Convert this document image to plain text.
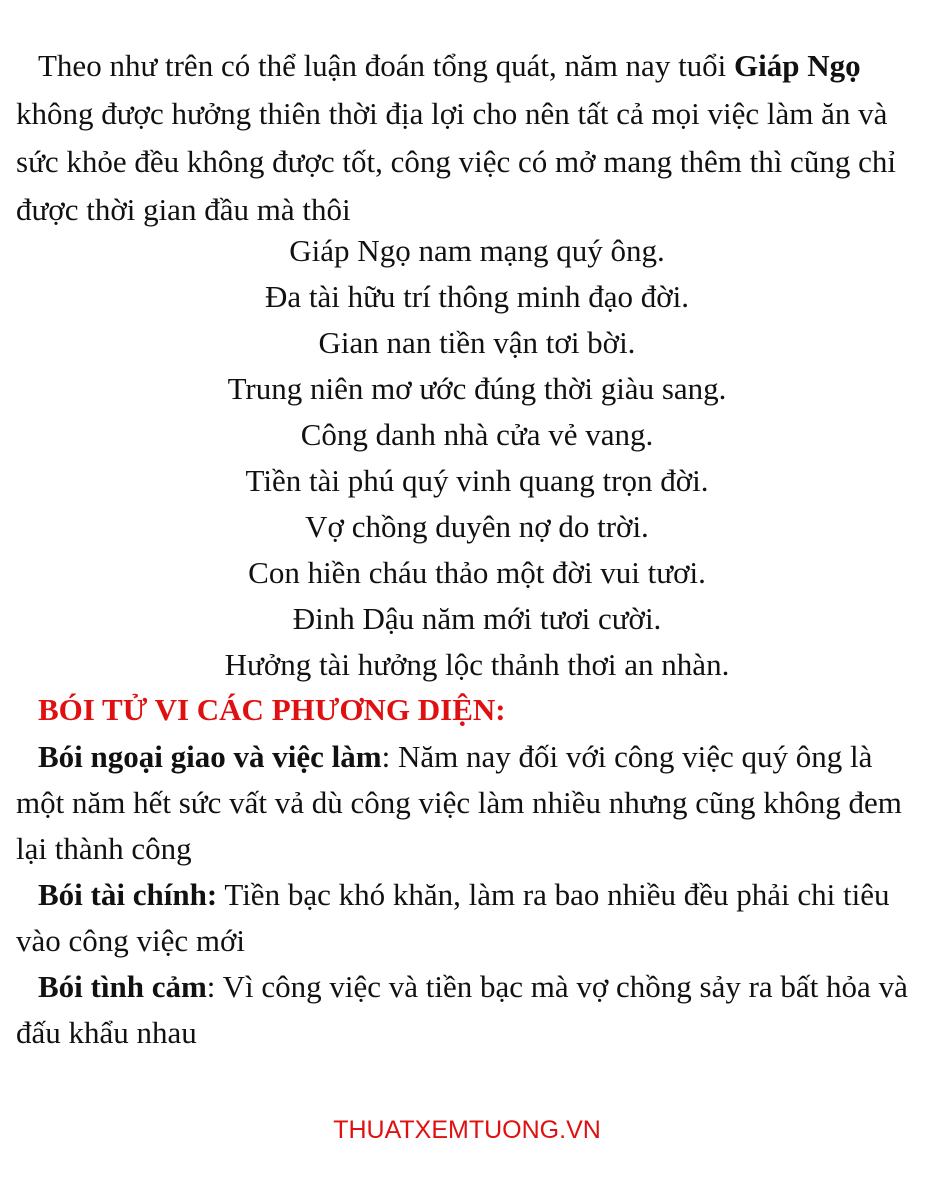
Theo như trên có thể luận đoán tổng quát, năm nay tuổi Giáp Ngọ không được hưởng thiên thời địa lợi cho nên tất cả mọi việc làm ăn và sức khỏe đều không được tốt, công việc có mở mang thêm thì cũng chỉ được thời gian đầu mà thôi

Giáp Ngọ nam mạng quý ông.
Đa tài hữu trí thông minh đạo đời.
Gian nan tiền vận tơi bời.
Trung niên mơ ước đúng thời giàu sang.
Công danh nhà cửa vẻ vang.
Tiền tài phú quý vinh quang trọn đời.
Vợ chồng duyên nợ do trời.
Con hiền cháu thảo một đời vui tươi.
Đinh Dậu năm mới tươi cười.
Hưởng tài hưởng lộc thảnh thơi an nhàn.

BÓI TỬ VI CÁC PHƯƠNG DIỆN:

Bói ngoại giao và việc làm: Năm nay đối với công việc quý ông là một năm hết sức vất vả dù công việc làm nhiều nhưng cũng không đem lại thành công

Bói tài chính: Tiền bạc khó khăn, làm ra bao nhiều đều phải chi tiêu vào công việc mới

Bói tình cảm: Vì công việc và tiền bạc mà vợ chồng sảy ra bất hỏa và đấu khẩu nhau

THUATXEMTUONG.VN
